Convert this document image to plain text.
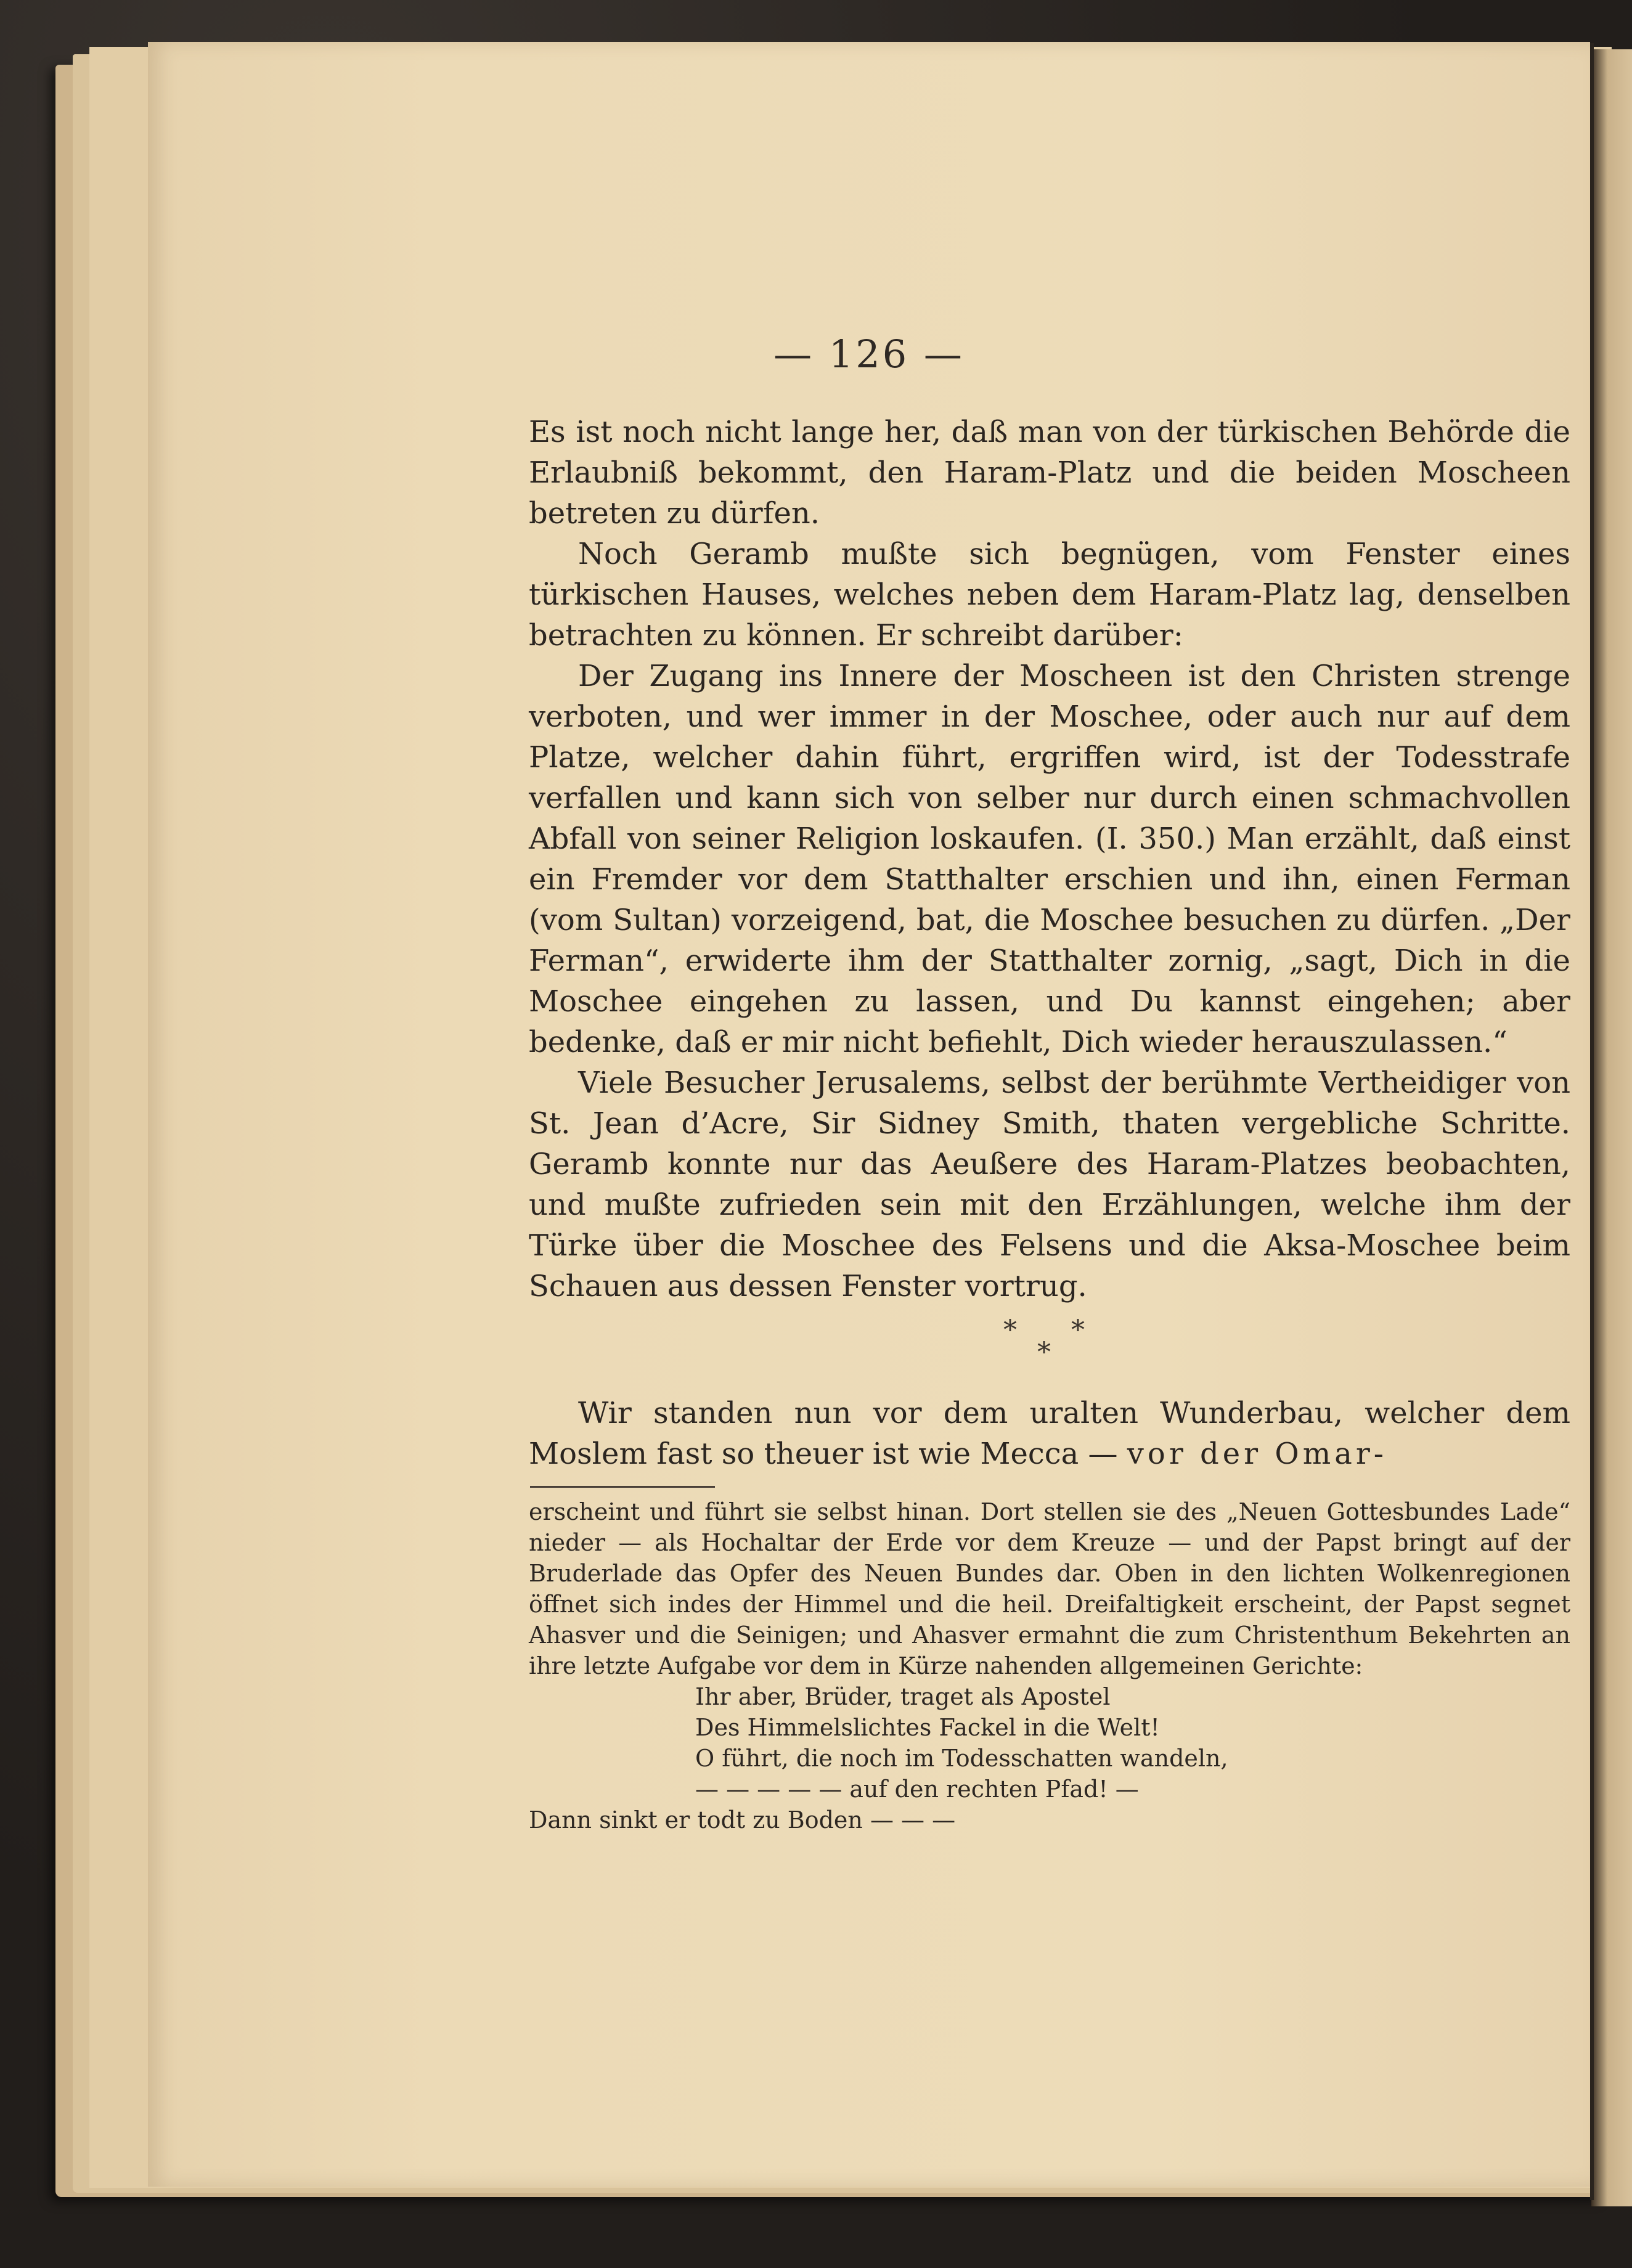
— 126 —

Es ist noch nicht lange her, daß man von der türkischen Behörde die Erlaubniß bekommt, den Haram-Platz und die beiden Moscheen betreten zu dürfen.

Noch Geramb mußte sich begnügen, vom Fenster eines türkischen Hauses, welches neben dem Haram-Platz lag, denselben betrachten zu können. Er schreibt darüber:

Der Zugang ins Innere der Moscheen ist den Christen strenge verboten, und wer immer in der Moschee, oder auch nur auf dem Platze, welcher dahin führt, ergriffen wird, ist der Todesstrafe verfallen und kann sich von selber nur durch einen schmachvollen Abfall von seiner Religion loskaufen. (I. 350.) Man erzählt, daß einst ein Fremder vor dem Statthalter erschien und ihn, einen Ferman (vom Sultan) vorzeigend, bat, die Moschee besuchen zu dürfen. „Der Ferman“, erwiderte ihm der Statthalter zornig, „sagt, Dich in die Moschee eingehen zu lassen, und Du kannst eingehen; aber bedenke, daß er mir nicht befiehlt, Dich wieder herauszulassen.“

Viele Besucher Jerusalems, selbst der berühmte Vertheidiger von St. Jean d’Acre, Sir Sidney Smith, thaten vergebliche Schritte. Geramb konnte nur das Aeußere des Haram-Platzes beobachten, und mußte zufrieden sein mit den Erzählungen, welche ihm der Türke über die Moschee des Felsens und die Aksa-Moschee beim Schauen aus dessen Fenster vortrug.

* *
*

Wir standen nun vor dem uralten Wunderbau, welcher dem Moslem fast so theuer ist wie Mecca — vor der Omar-

erscheint und führt sie selbst hinan. Dort stellen sie des „Neuen Gottesbundes Lade“ nieder — als Hochaltar der Erde vor dem Kreuze — und der Papst bringt auf der Bruderlade das Opfer des Neuen Bundes dar. Oben in den lichten Wolkenregionen öffnet sich indes der Himmel und die heil. Dreifaltigkeit erscheint, der Papst segnet Ahasver und die Seinigen; und Ahasver ermahnt die zum Christenthum Bekehrten an ihre letzte Aufgabe vor dem in Kürze nahenden allgemeinen Gerichte:

Ihr aber, Brüder, traget als Apostel
Des Himmelslichtes Fackel in die Welt!
O führt, die noch im Todesschatten wandeln,
— — — — — auf den rechten Pfad! —

Dann sinkt er todt zu Boden — — —
